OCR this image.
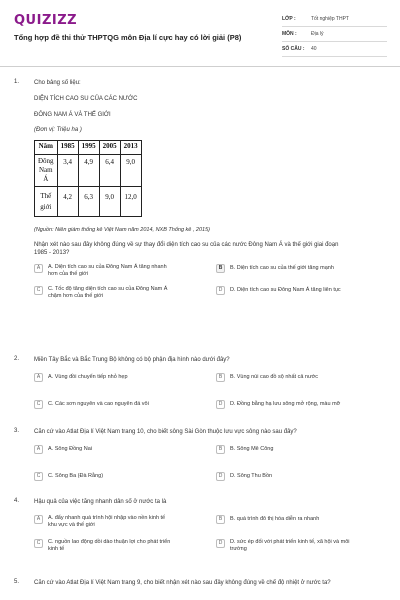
QUIZIZZ
Tổng hợp đề thi thử THPTQG môn Địa lí cực hay có lời giải (P8)
LỚP :	Tốt nghiệp THPT
MÔN :	Địa lý
SỐ CÂU :	40
1. Cho bảng số liệu:
DIỆN TÍCH CAO SU CỦA CÁC NƯỚC
ĐÔNG NAM Á VÀ THẾ GIỚI
(Đơn vị: Triệu ha )
Năm	1985	1995	2005	2013

Đông
Nam
Á	3,4	4,9	6,4	9,0

Thế
giới	4,2	6,3	9,0	12,0
(Nguồn: Niên giám thống kê Việt Nam năm 2014, NXB Thống kê , 2015)
Nhận xét nào sau đây không đúng về sự thay đổi diện tích cao su của các nước Đông Nam Á và thế giới giai đoạn
1985 - 2013?
A	A. Diện tích cao su của Đông Nam Á tăng nhanh
hơn của thế giới
B	B. Diện tích cao su của thế giới tăng mạnh
C	C. Tốc độ tăng diện tích cao su của Đông Nam Á
chậm hơn của thế giới
D	D. Diện tích cao su Đông Nam Á tăng liên tục
2. Miền Tây Bắc và Bắc Trung Bộ không có bộ phận địa hình nào dưới đây?
A	A. Vùng đồi chuyển tiếp nhỏ hẹp	B	B. Vùng núi cao đồ sộ nhất cả nước
C	C. Các sơn nguyên và cao nguyên đá vôi	D	D. Đồng bằng hạ lưu sông mở rộng, màu mỡ
3. Căn cứ vào Atlat Địa lí Việt Nam trang 10, cho biết sông Sài Gòn thuộc lưu vực sông nào sau đây?
A	A. Sông Đồng Nai	B	B. Sông Mê Công
C	C. Sông Ba (Đà Rằng)	D	D. Sông Thu Bồn
4. Hậu quả của việc tăng nhanh dân số ở nước ta là
A	A. đẩy nhanh quá trình hội nhập vào nền kinh tế
khu vực và thế giới
B	B. quá trình đô thị hóa diễn ra nhanh
C	C. nguồn lao động dồi dào thuận lợi cho phát triển
kinh tế
D	D. sức ép đối với phát triển kinh tế, xã hội và môi
trường
5. Căn cứ vào Atlat Địa lí Việt Nam trang 9, cho biết nhận xét nào sau đây không đúng về chế độ nhiệt ở nước ta?
